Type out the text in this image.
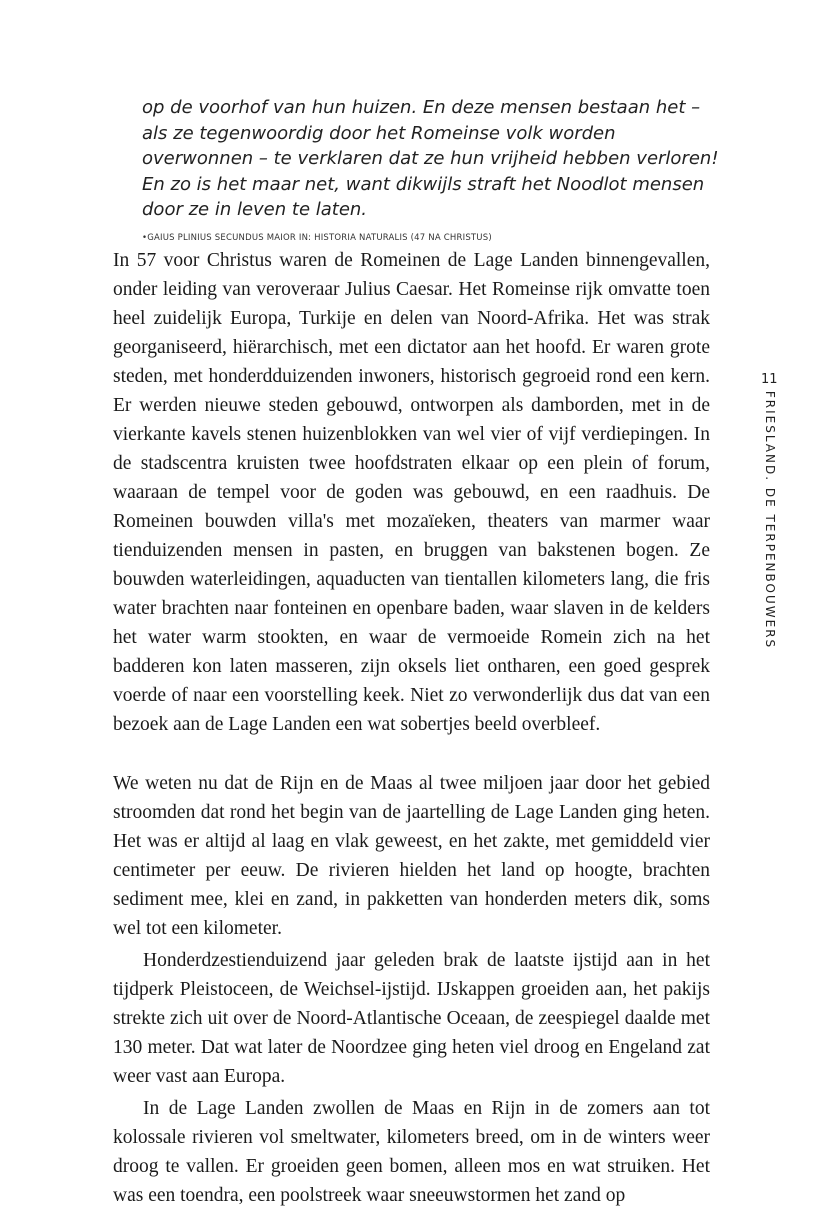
op de voorhof van hun huizen. En deze mensen bestaan het – als ze tegenwoordig door het Romeinse volk worden overwonnen – te verklaren dat ze hun vrijheid hebben verloren! En zo is het maar net, want dikwijls straft het Noodlot mensen door ze in leven te laten.

•GAIUS PLINIUS SECUNDUS MAIOR IN: HISTORIA NATURALIS (47 NA CHRISTUS)
11
FRIESLAND. DE TERPENBOUWERS

In 57 voor Christus waren de Romeinen de Lage Landen binnengevallen, onder leiding van veroveraar Julius Caesar. Het Romeinse rijk omvatte toen heel zuidelijk Europa, Turkije en delen van Noord-Afrika. Het was strak georganiseerd, hiërarchisch, met een dictator aan het hoofd. Er waren grote steden, met honderdduizenden inwoners, historisch gegroeid rond een kern. Er werden nieuwe steden gebouwd, ontworpen als damborden, met in de vierkante kavels stenen huizenblokken van wel vier of vijf verdiepingen. In de stadscentra kruisten twee hoofdstraten elkaar op een plein of forum, waaraan de tempel voor de goden was gebouwd, en een raadhuis. De Romeinen bouwden villa's met mozaïeken, theaters van marmer waar tienduizenden mensen in pasten, en bruggen van bakstenen bogen. Ze bouwden waterleidingen, aquaducten van tientallen kilometers lang, die fris water brachten naar fonteinen en openbare baden, waar slaven in de kelders het water warm stookten, en waar de vermoeide Romein zich na het badderen kon laten masseren, zijn oksels liet ontharen, een goed gesprek voerde of naar een voorstelling keek. Niet zo verwonderlijk dus dat van een bezoek aan de Lage Landen een wat sobertjes beeld overbleef.

We weten nu dat de Rijn en de Maas al twee miljoen jaar door het gebied stroomden dat rond het begin van de jaartelling de Lage Landen ging heten. Het was er altijd al laag en vlak geweest, en het zakte, met gemiddeld vier centimeter per eeuw. De rivieren hielden het land op hoogte, brachten sediment mee, klei en zand, in pakketten van honderden meters dik, soms wel tot een kilometer.

Honderdzestienduizend jaar geleden brak de laatste ijstijd aan in het tijdperk Pleistoceen, de Weichsel-ijstijd. IJskappen groeiden aan, het pakijs strekte zich uit over de Noord-Atlantische Oceaan, de zeespiegel daalde met 130 meter. Dat wat later de Noordzee ging heten viel droog en Engeland zat weer vast aan Europa.

In de Lage Landen zwollen de Maas en Rijn in de zomers aan tot kolossale rivieren vol smeltwater, kilometers breed, om in de winters weer droog te vallen. Er groeiden geen bomen, alleen mos en wat struiken. Het was een toendra, een poolstreek waar sneeuwstormen het zand op
